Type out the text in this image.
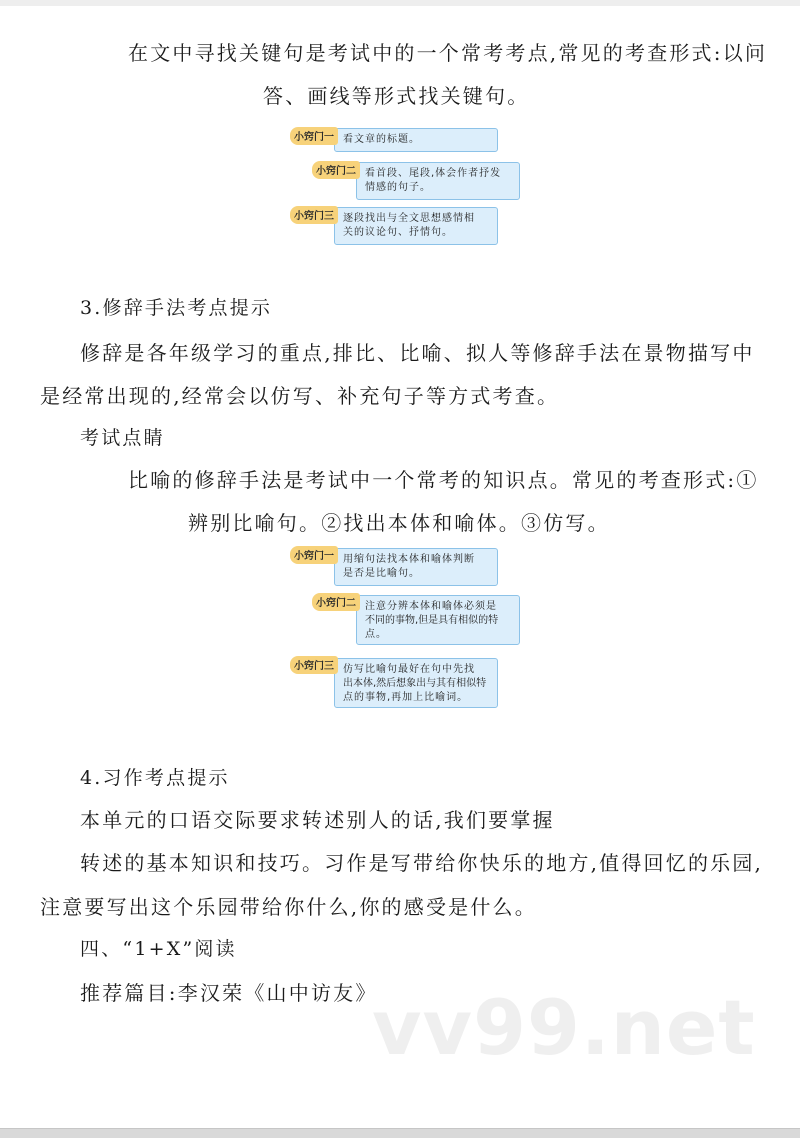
在文中寻找关键句是考试中的一个常考考点,常见的考查形式:以问
答、画线等形式找关键句。
小窍门一 看文章的标题。
小窍门二 看首段、尾段,体会作者抒发
情感的句子。
小窍门三 逐段找出与全文思想感情相
关的议论句、抒情句。
3.修辞手法考点提示
修辞是各年级学习的重点,排比、比喻、拟人等修辞手法在景物描写中
是经常出现的,经常会以仿写、补充句子等方式考查。
考试点睛
比喻的修辞手法是考试中一个常考的知识点。常见的考查形式:①
辨别比喻句。②找出本体和喻体。③仿写。
小窍门一 用缩句法找本体和喻体判断
是否是比喻句。
小窍门二 注意分辨本体和喻体必须是
不同的事物,但是具有相似的特
点。
小窍门三 仿写比喻句最好在句中先找
出本体,然后想象出与其有相似特
点的事物,再加上比喻词。
4.习作考点提示
本单元的口语交际要求转述别人的话,我们要掌握
转述的基本知识和技巧。习作是写带给你快乐的地方,值得回忆的乐园,
注意要写出这个乐园带给你什么,你的感受是什么。
四、“1+X”阅读
推荐篇目:李汉荣《山中访友》
vv99.net
